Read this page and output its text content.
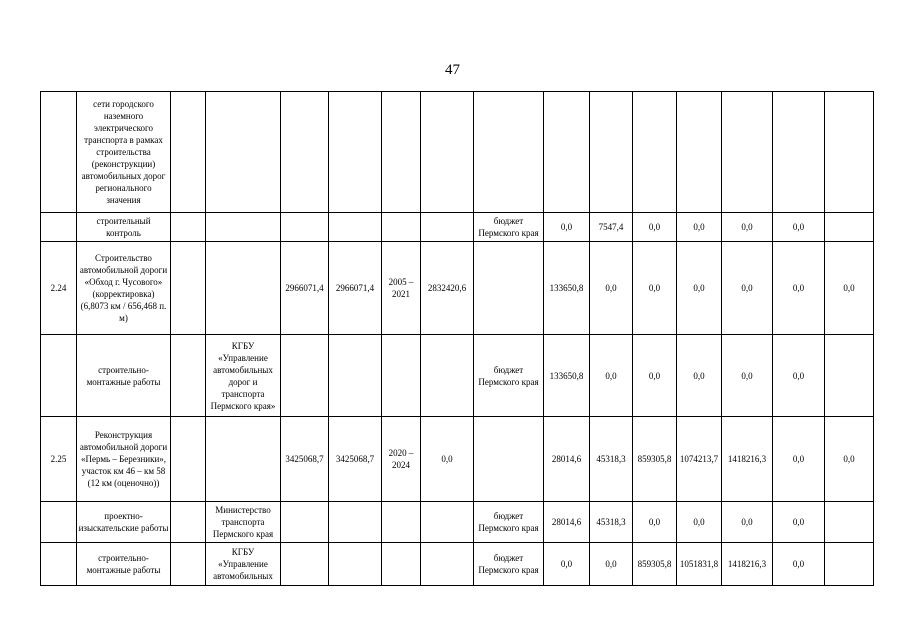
47
	сети городского наземного электрического транспорта в рамках строительства (реконструкции) автомобильных дорог регионального значения														
	строительный контроль							бюджет Пермского края	0,0	7547,4	0,0	0,0	0,0	0,0	
2.24	Строительство автомобильной дороги «Обход г. Чусового» (корректировка) (6,8073 км / 656,468 п. м)			2966071,4	2966071,4	2005 – 2021	2832420,6		133650,8	0,0	0,0	0,0	0,0	0,0	0,0
	строительно-монтажные работы		КГБУ «Управление автомобильных дорог и транспорта Пермского края»					бюджет Пермского края	133650,8	0,0	0,0	0,0	0,0	0,0	
2.25	Реконструкция автомобильной дороги «Пермь – Березники», участок км 46 – км 58 (12 км (оценочно))			3425068,7	3425068,7	2020 – 2024	0,0		28014,6	45318,3	859305,8	1074213,7	1418216,3	0,0	0,0
	проектно-изыскательские работы		Министерство транспорта Пермского края					бюджет Пермского края	28014,6	45318,3	0,0	0,0	0,0	0,0	
	строительно-монтажные работы		КГБУ «Управление автомобильных					бюджет Пермского края	0,0	0,0	859305,8	1051831,8	1418216,3	0,0	
